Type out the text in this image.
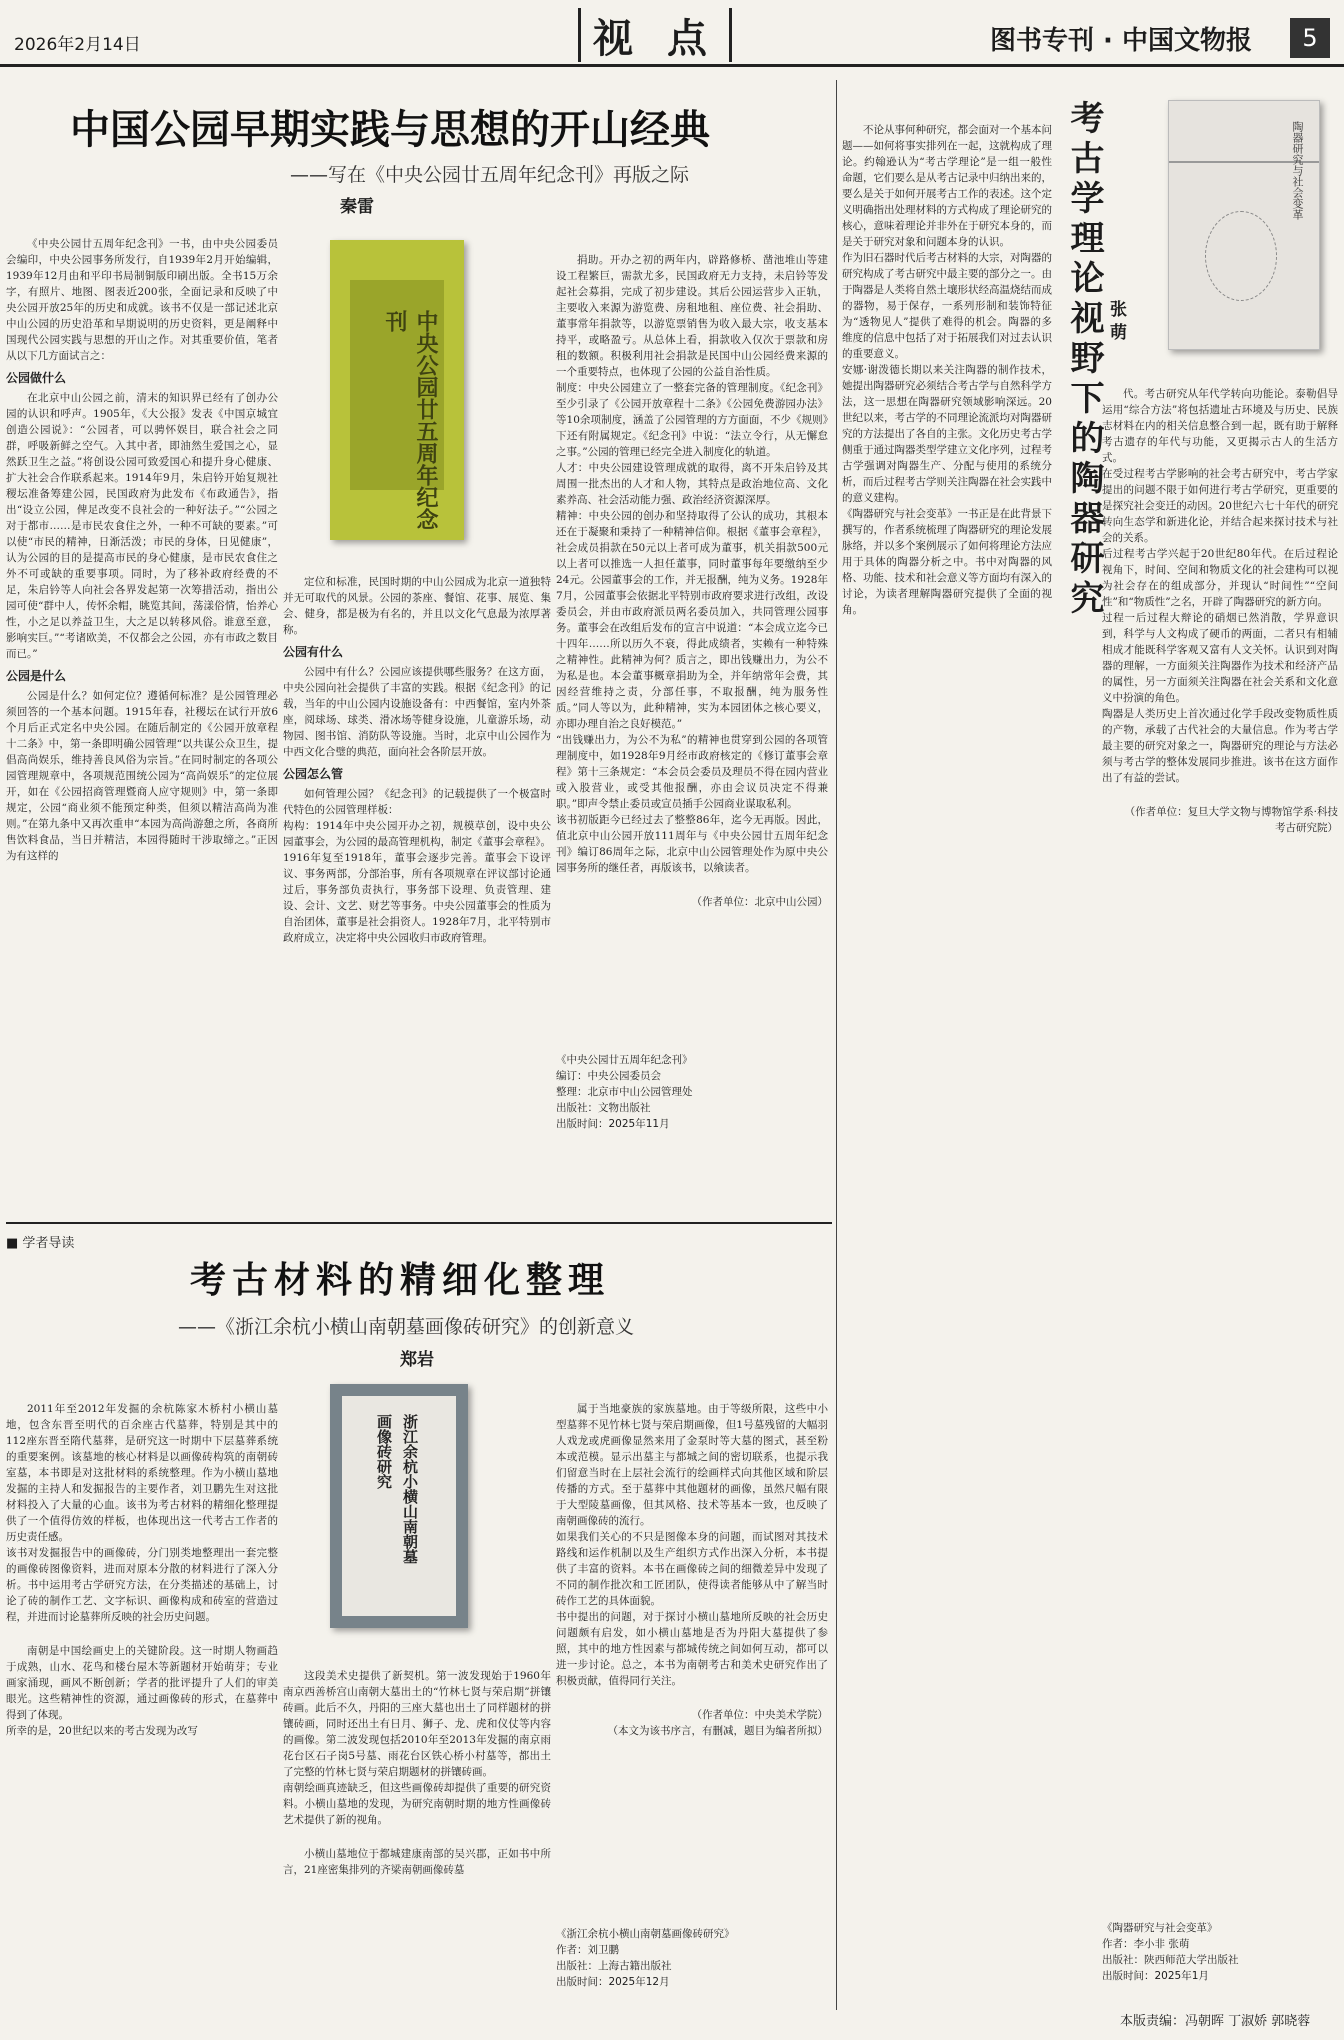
2026年2月14日	视 点	图书专刊 · 中国文物报	5
中国公园早期实践与思想的开山经典
——写在《中央公园廿五周年纪念刊》再版之际
秦雷

《中央公园廿五周年纪念刊》一书，由中央公园委员会编印，中央公园事务所发行，自1939年2月开始编辑，1939年12月由和平印书局制铜版印刷出版。全书15万余字，有照片、地图、图表近200张，全面记录和反映了中央公园开放25年的历史和成就。该书不仅是一部记述北京中山公园的历史沿革和早期说明的历史资料，更是阐释中国现代公园实践与思想的开山之作。对其重要价值，笔者从以下几方面试言之：

公园做什么

在北京中山公园之前，清末的知识界已经有了创办公园的认识和呼声。1905年，《大公报》发表《中国京城宜创造公园说》：“公园者，可以骋怀娱目，联合社会之同群，呼吸新鲜之空气。入其中者，即油然生爱国之心，显然跃卫生之益。”将创设公园可致爱国心和提升身心健康、扩大社会合作联系起来。1914年9月，朱启钤开始复规社稷坛准备筹建公园，民国政府为此发布《布政通告》，指出“设立公园，俾足改变不良社会的一种好法子。”“公园之对于都市……是市民农食住之外，一种不可缺的要素。”可以使“市民的精神，日渐活泼；市民的身体，日见健康”，认为公园的目的是提高市民的身心健康，是市民农食住之外不可或缺的重要事项。同时，为了移补政府经费的不足，朱启钤等人向社会各界发起第一次筹措活动，指出公园可使“群中人，传怀余帽，眺览其间，荡漾俗情，怡养心性，小之足以养益卫生，大之足以转移风俗。谁意至意，影响实巨。”“考诸欧美，不仅都会之公园，亦有市政之数目而已。”

公园是什么

公园是什么？如何定位？遵循何标准？是公园管理必须回答的一个基本问题。1915年春，社稷坛在试行开放6个月后正式定名中央公园。在随后制定的《公园开放章程十二条》中，第一条即明确公园管理“以共谋公众卫生，提倡高尚娱乐，维持善良风俗为宗旨。”在同时制定的各项公园管理规章中，各项规范围统公园为“高尚娱乐”的定位展开，如在《公园招商管理暨商人应守规则》中，第一条即规定，公园“商业须不能预定种类，但须以精洁高尚为准则。”在第九条中又再次重申“本园为高尚游憩之所，各商所售饮料食品，当日并精洁，本园得随时干涉取缔之。”正因为有这样的

中央公园廿五周年纪念刊

定位和标准，民国时期的中山公园成为北京一道独特并无可取代的风景。公园的茶座、餐馆、花事、展览、集会、健身，都是极为有名的，并且以文化气息最为浓厚著称。

公园有什么

公园中有什么？公园应该提供哪些服务？在这方面，中央公园向社会提供了丰富的实践。根据《纪念刊》的记载，当年的中山公园内设施设备有：中西餐馆，室内外茶座，阅球场、球类、滑冰场等健身设施，儿童游乐场，动物园、图书馆、消防队等设施。当时，北京中山公园作为中西文化合璧的典范，面向社会各阶层开放。

公园怎么管

如何管理公园？《纪念刊》的记载提供了一个极富时代特色的公园管理样板：
构构：1914年中央公园开办之初，规模草创，设中央公园董事会，为公园的最高管理机构，制定《董事会章程》。1916年复至1918年，董事会逐步完善。董事会下设评议、事务两部，分部治事，所有各项规章在评议部讨论通过后，事务部负责执行，事务部下设理、负责管理、建设、会计、文艺、财艺等事务。中央公园董事会的性质为自治团体，董事是社会捐资人。1928年7月，北平特别市政府成立，决定将中央公园收归市政府管理。

捐助。开办之初的两年内，辟路修桥、凿池堆山等建设工程繁巨，需款尤多，民国政府无力支持，未启钤等发起社会募捐，完成了初步建设。其后公园运营步入正轨，主要收入来源为游览费、房租地租、座位费、社会捐助、董事常年捐款等，以游览票销售为收入最大宗，收支基本持平，或略盈亏。从总体上看，捐款收入仅次于票款和房租的数额。积极利用社会捐款是民国中山公园经费来源的一个重要特点，也体现了公园的公益自治性质。
制度：中央公园建立了一整套完备的管理制度。《纪念刊》至少引录了《公园开放章程十二条》《公园免费游园办法》等10余项制度，涵盖了公园管理的方方面面，不少《规则》下还有附属规定。《纪念刊》中说：“法立令行，从无懈怠之事。”公园的管理已经完全进入制度化的轨道。
人才：中央公园建设管理成就的取得，离不开朱启钤及其周围一批杰出的人才和人物，其特点是政治地位高、文化素养高、社会活动能力强、政治经济资源深厚。
精神：中央公园的创办和坚持取得了公认的成功，其根本还在于凝聚和秉持了一种精神信仰。根据《董事会章程》，社会成员捐款在50元以上者可成为董事，机关捐款500元以上者可以推选一人担任董事，同时董事每年要缴纳至少24元。公园董事会的工作，并无报酬，纯为义务。1928年7月，公园董事会依据北平特别市政府要求进行改组，改设委员会，并由市政府派员两名委员加入，共同管理公园事务。董事会在改组后发布的宣言中说道：“本会成立迄今已十四年……所以历久不衰，得此成绩者，实赖有一种特殊之精神性。此精神为何？质言之，即出钱赚出力，为公不为私是也。本会董事概章捐助为全，并年纳常年会费，其因经营维持之责，分部任事，不取报酬，纯为服务性质。”同人等以为，此种精神，实为本园团体之核心要义，亦即办理自治之良好模范。”
“出钱赚出力，为公不为私”的精神也贯穿到公园的各项管理制度中，如1928年9月经市政府核定的《修订董事会章程》第十三条规定：“本会员会委员及理员不得在园内营业或入股营业，或受其他报酬，亦由会议员决定不得兼职。”即声令禁止委员或宣员插手公园商业谋取私利。
该书初版距今已经过去了整整86年，迄今无再版。因此，值北京中山公园开放111周年与《中央公园廿五周年纪念刊》编订86周年之际，北京中山公园管理处作为原中央公园事务所的继任者，再版该书，以飨读者。

（作者单位：北京中山公园）

《中央公园廿五周年纪念刊》
编订：中央公园委员会
整理：北京市中山公园管理处
出版社：文物出版社
出版时间：2025年11月
■ 学者导读
考古材料的精细化整理
——《浙江余杭小横山南朝墓画像砖研究》的创新意义
郑岩

2011年至2012年发掘的余杭陈家木桥村小横山墓地，包含东晋至明代的百余座古代墓葬，特别是其中的112座东晋至隋代墓葬，是研究这一时期中下层墓葬系统的重要案例。该墓地的核心材料是以画像砖构筑的南朝砖室墓，本书即是对这批材料的系统整理。作为小横山墓地发掘的主持人和发掘报告的主要作者，刘卫鹏先生对这批材料投入了大量的心血。该书为考古材料的精细化整理提供了一个值得仿效的样板，也体现出这一代考古工作者的历史责任感。
该书对发掘报告中的画像砖，分门别类地整理出一套完整的画像砖图像资料，进而对原本分散的材料进行了深入分析。书中运用考古学研究方法，在分类描述的基础上，讨论了砖的制作工艺、文字标识、画像构成和砖室的营造过程，并进而讨论墓葬所反映的社会历史问题。

南朝是中国绘画史上的关键阶段。这一时期人物画趋于成熟，山水、花鸟和楼台屋木等新题材开始萌芽；专业画家涌现，画风不断创新；学者的批评提升了人们的审美眼光。这些精神性的资源，通过画像砖的形式，在墓葬中得到了体现。
所幸的是，20世纪以来的考古发现为改写

浙江余杭小横山南朝墓
画像砖研究

这段美术史提供了新契机。第一波发现始于1960年南京西善桥宫山南朝大墓出土的“竹林七贤与荣启期”拼镶砖画。此后不久，丹阳的三座大墓也出土了同样题材的拼镶砖画，同时还出土有日月、狮子、龙、虎和仪仗等内容的画像。第二波发现包括2010年至2013年发掘的南京雨花台区石子岗5号墓、雨花台区铁心桥小村墓等，都出土了完整的竹林七贤与荣启期题材的拼镶砖画。
南朝绘画真迹缺乏，但这些画像砖却提供了重要的研究资料。小横山墓地的发现，为研究南朝时期的地方性画像砖艺术提供了新的视角。

小横山墓地位于都城建康南部的吴兴郡，正如书中所言，21座密集排列的齐梁南朝画像砖墓

属于当地豪族的家族墓地。由于等级所限，这些中小型墓葬不见竹林七贤与荣启期画像，但1号墓残留的大幅羽人戏龙或虎画像显然来用了金泵时等大墓的图式，甚至粉本或范模。显示出墓主与都城之间的密切联系，也提示我们留意当时在上层社会流行的绘画样式向其他区域和阶层传播的方式。至于墓葬中其他题材的画像，虽然尺幅有限于大型陵墓画像，但其风格、技术等基本一致，也反映了南朝画像砖的流行。
如果我们关心的不只是图像本身的问题，而试图对其技术路线和运作机制以及生产组织方式作出深入分析，本书提供了丰富的资料。本书在画像砖之间的细微差异中发现了不同的制作批次和工匠团队，使得读者能够从中了解当时砖作工艺的具体面貌。
书中提出的问题，对于探讨小横山墓地所反映的社会历史问题颇有启发，如小横山墓地是否为丹阳大墓提供了参照，其中的地方性因素与都城传统之间如何互动，都可以进一步讨论。总之，本书为南朝考古和美术史研究作出了积极贡献，值得同行关注。

（作者单位：中央美术学院）
（本文为该书序言，有删减，题目为编者所拟）

《浙江余杭小横山南朝墓画像砖研究》
作者：刘卫鹏
出版社：上海古籍出版社
出版时间：2025年12月
考古学理论视野下的陶器研究 张萌
陶器研究与社会变革

不论从事何种研究，都会面对一个基本问题——如何将事实排列在一起，这就构成了理论。约翰逊认为“考古学理论”是一组一般性命题，它们要么是从考古记录中归纳出来的，要么是关于如何开展考古工作的表述。这个定义明确指出处理材料的方式构成了理论研究的核心，意味着理论并非外在于研究本身的，而是关于研究对象和问题本身的认识。
作为旧石器时代后考古材料的大宗，对陶器的研究构成了考古研究中最主要的部分之一。由于陶器是人类将自然土壤形状经高温烧结而成的器物，易于保存，一系列形制和装饰特征为“透物见人”提供了难得的机会。陶器的多维度的信息中包括了对于拓展我们对过去认识的重要意义。
安娜·谢泼德长期以来关注陶器的制作技术，她提出陶器研究必须结合考古学与自然科学方法，这一思想在陶器研究领域影响深远。20世纪以来，考古学的不同理论流派均对陶器研究的方法提出了各自的主张。文化历史考古学侧重于通过陶器类型学建立文化序列，过程考古学强调对陶器生产、分配与使用的系统分析，而后过程考古学则关注陶器在社会实践中的意义建构。
《陶器研究与社会变革》一书正是在此背景下撰写的，作者系统梳理了陶器研究的理论发展脉络，并以多个案例展示了如何将理论方法应用于具体的陶器分析之中。书中对陶器的风格、功能、技术和社会意义等方面均有深入的讨论，为读者理解陶器研究提供了全面的视角。

代。考古研究从年代学转向功能论。泰勒倡导运用“综合方法”将包括遗址古环境及与历史、民族志材料在内的相关信息整合到一起，既有助于解释考古遗存的年代与功能，又更揭示古人的生活方式。
在受过程考古学影响的社会考古研究中，考古学家提出的问题不限于如何进行考古学研究，更重要的是探究社会变迁的动因。20世纪六七十年代的研究转向生态学和新进化论，并结合起来探讨技术与社会的关系。
后过程考古学兴起于20世纪80年代。在后过程论视角下，时间、空间和物质文化的社会建构可以视为社会存在的组成部分，并现认“时间性”“空间性”和“物质性”之名，开辟了陶器研究的新方向。
过程一后过程大辩论的硝烟已然消散，学界意识到，科学与人文构成了硬币的两面，二者只有相辅相成才能既科学客观又富有人文关怀。认识到对陶器的理解，一方面须关注陶器作为技术和经济产品的属性，另一方面须关注陶器在社会关系和文化意义中扮演的角色。
陶器是人类历史上首次通过化学手段改变物质性质的产物，承载了古代社会的大量信息。作为考古学最主要的研究对象之一，陶器研究的理论与方法必须与考古学的整体发展同步推进。该书在这方面作出了有益的尝试。

（作者单位：复旦大学文物与博物馆学系·科技考古研究院）

《陶器研究与社会变革》
作者：李小非 张萌
出版社：陕西师范大学出版社
出版时间：2025年1月
本版责编：冯朝晖 丁淑娇 郭晓蓉
